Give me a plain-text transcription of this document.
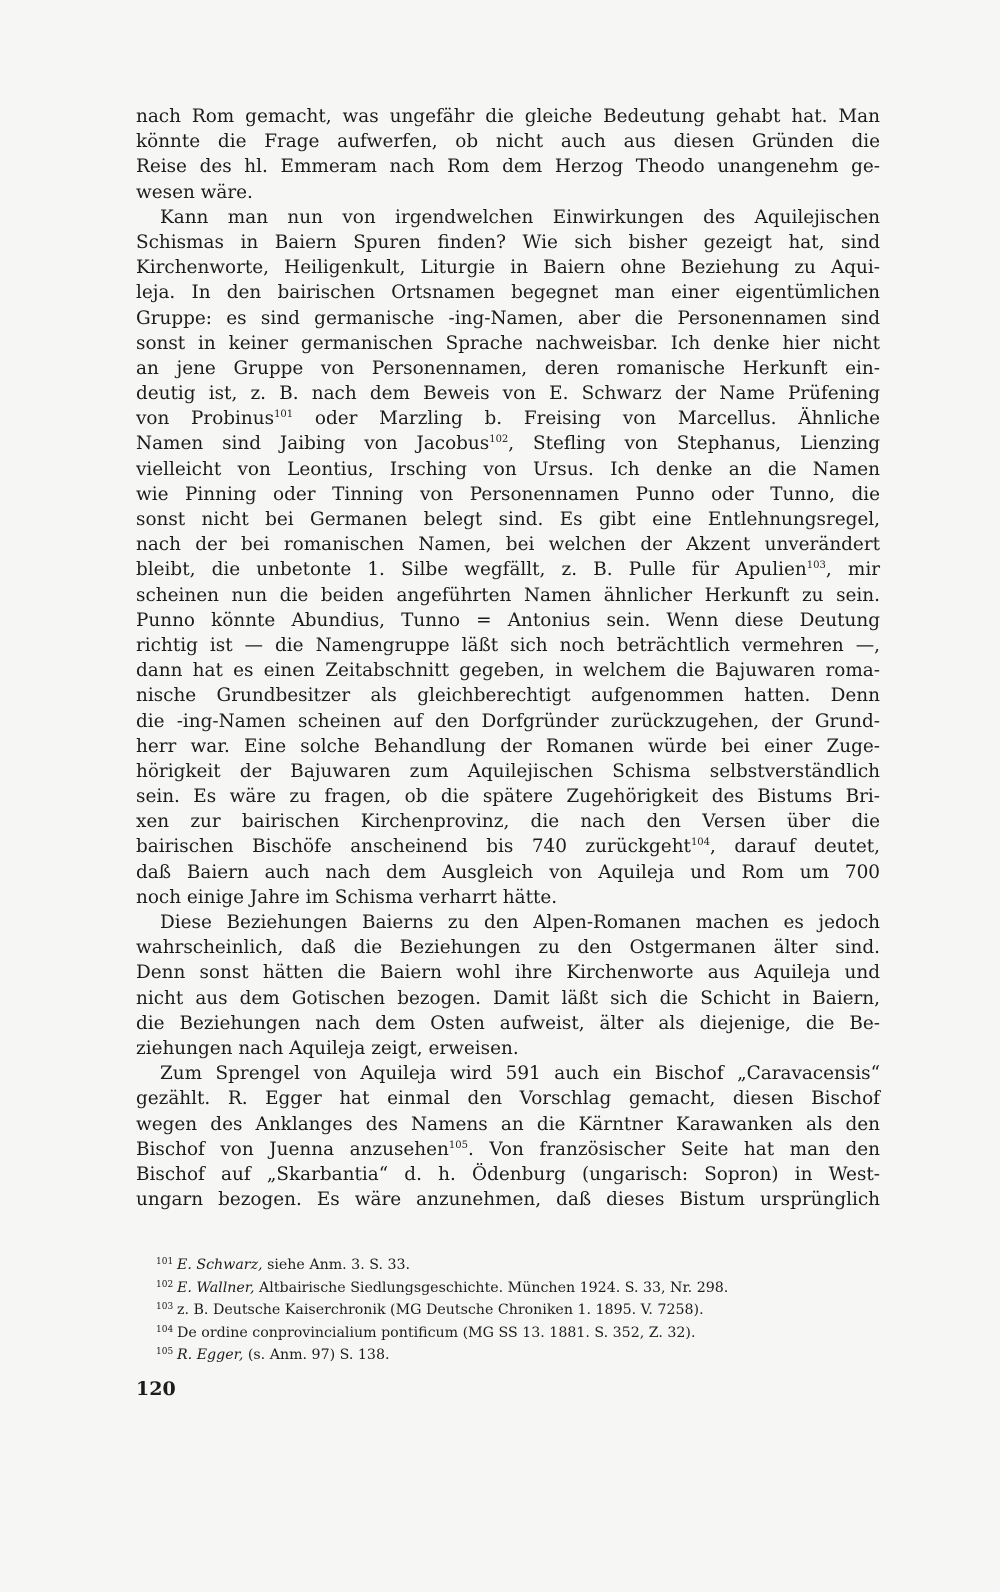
nach Rom gemacht, was ungefähr die gleiche Bedeutung gehabt hat. Man
könnte die Frage aufwerfen, ob nicht auch aus diesen Gründen die
Reise des hl. Emmeram nach Rom dem Herzog Theodo unangenehm ge-
wesen wäre.
Kann man nun von irgendwelchen Einwirkungen des Aquilejischen
Schismas in Baiern Spuren finden? Wie sich bisher gezeigt hat, sind
Kirchenworte, Heiligenkult, Liturgie in Baiern ohne Beziehung zu Aqui-
leja. In den bairischen Ortsnamen begegnet man einer eigentümlichen
Gruppe: es sind germanische -ing-Namen, aber die Personennamen sind
sonst in keiner germanischen Sprache nachweisbar. Ich denke hier nicht
an jene Gruppe von Personennamen, deren romanische Herkunft ein-
deutig ist, z. B. nach dem Beweis von E. Schwarz der Name Prüfening
von Probinus$^{101}$ oder Marzling b. Freising von Marcellus. Ähnliche
Namen sind Jaibing von Jacobus$^{102}$, Stefling von Stephanus, Lienzing
vielleicht von Leontius, Irsching von Ursus. Ich denke an die Namen
wie Pinning oder Tinning von Personennamen Punno oder Tunno, die
sonst nicht bei Germanen belegt sind. Es gibt eine Entlehnungsregel,
nach der bei romanischen Namen, bei welchen der Akzent unverändert
bleibt, die unbetonte 1. Silbe wegfällt, z. B. Pulle für Apulien$^{103}$, mir
scheinen nun die beiden angeführten Namen ähnlicher Herkunft zu sein.
Punno könnte Abundius, Tunno = Antonius sein. Wenn diese Deutung
richtig ist — die Namengruppe läßt sich noch beträchtlich vermehren —,
dann hat es einen Zeitabschnitt gegeben, in welchem die Bajuwaren roma-
nische Grundbesitzer als gleichberechtigt aufgenommen hatten. Denn
die -ing-Namen scheinen auf den Dorfgründer zurückzugehen, der Grund-
herr war. Eine solche Behandlung der Romanen würde bei einer Zuge-
hörigkeit der Bajuwaren zum Aquilejischen Schisma selbstverständlich
sein. Es wäre zu fragen, ob die spätere Zugehörigkeit des Bistums Bri-
xen zur bairischen Kirchenprovinz, die nach den Versen über die
bairischen Bischöfe anscheinend bis 740 zurückgeht$^{104}$, darauf deutet,
daß Baiern auch nach dem Ausgleich von Aquileja und Rom um 700
noch einige Jahre im Schisma verharrt hätte.
Diese Beziehungen Baierns zu den Alpen-Romanen machen es jedoch
wahrscheinlich, daß die Beziehungen zu den Ostgermanen älter sind.
Denn sonst hätten die Baiern wohl ihre Kirchenworte aus Aquileja und
nicht aus dem Gotischen bezogen. Damit läßt sich die Schicht in Baiern,
die Beziehungen nach dem Osten aufweist, älter als diejenige, die Be-
ziehungen nach Aquileja zeigt, erweisen.
Zum Sprengel von Aquileja wird 591 auch ein Bischof „Caravacensis“
gezählt. R. Egger hat einmal den Vorschlag gemacht, diesen Bischof
wegen des Anklanges des Namens an die Kärntner Karawanken als den
Bischof von Juenna anzusehen$^{105}$. Von französischer Seite hat man den
Bischof auf „Skarbantia“ d. h. Ödenburg (ungarisch: Sopron) in West-
ungarn bezogen. Es wäre anzunehmen, daß dieses Bistum ursprünglich
101 E. Schwarz, siehe Anm. 3. S. 33.
102 E. Wallner, Altbairische Siedlungsgeschichte. München 1924. S. 33, Nr. 298.
103 z. B. Deutsche Kaiserchronik (MG Deutsche Chroniken 1. 1895. V. 7258).
104 De ordine conprovincialium pontificum (MG SS 13. 1881. S. 352, Z. 32).
105 R. Egger, (s. Anm. 97) S. 138.
120
